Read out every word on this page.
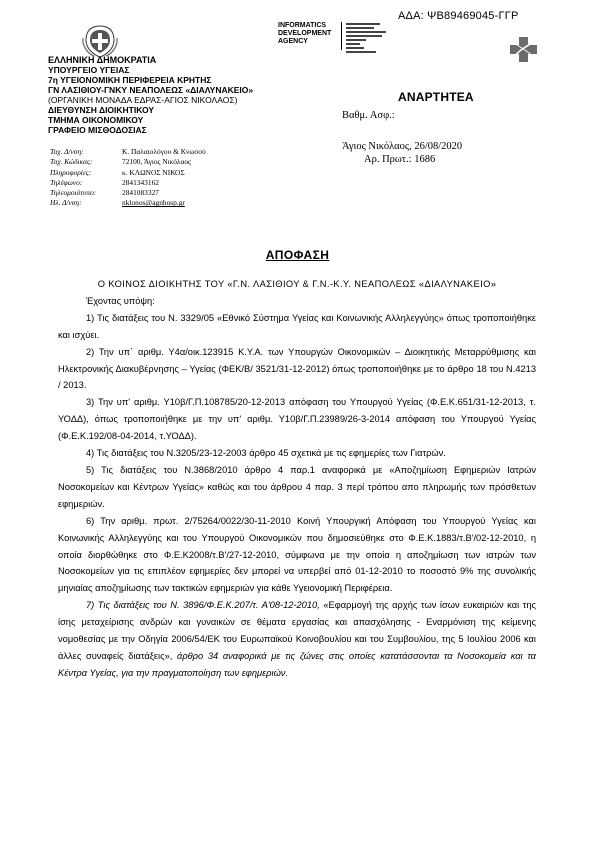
ΑΔΑ: ΨΒ89469045-ΓΓΡ
ΕΛΛΗΝΙΚΗ ΔΗΜΟΚΡΑΤΙΑ
ΥΠΟΥΡΓΕΙΟ ΥΓΕΙΑΣ
7η ΥΓΕΙΟΝΟΜΙΚΗ ΠΕΡΙΦΕΡΕΙΑ ΚΡΗΤΗΣ
ΓΝ ΛΑΣΙΘΙΟΥ-ΓΝΚΥ ΝΕΑΠΟΛΕΩΣ «ΔΙΑΛΥΝΑΚΕΙΟ»
(ΟΡΓΑΝΙΚΗ ΜΟΝΑΔΑ ΕΔΡΑΣ-ΑΓΙΟΣ ΝΙΚΟΛΑΟΣ)
ΔΙΕΥΘΥΝΣΗ ΔΙΟΙΚΗΤΙΚΟΥ
ΤΜΗΜΑ ΟΙΚΟΝΟΜΙΚΟΥ
ΓΡΑΦΕΙΟ ΜΙΣΘΟΔΟΣΙΑΣ
INFORMATICS
DEVELOPMENT
AGENCY
ΑΝΑΡΤΗΤΕΑ
Βαθμ. Ασφ.:
Άγιος Νικόλαος, 26/08/2020
Αρ. Πρωτ.: 1686
Ταχ. Δ/νση:	Κ. Παλαιολόγου & Κνωσού
Ταχ. Κώδικας:	72100, Άγιος Νικόλαος
Πληροφορίες:	κ. ΚΛΩΝΟΣ ΝΙΚΟΣ
Τηλέφωνο:	2841343162
Τηλεομοιότυπο:	2841083327
Ηλ. Δ/νση:	nklonos@agnhosp.gr
ΑΠΟΦΑΣΗ

Ο ΚΟΙΝΟΣ ΔΙΟΙΚΗΤΗΣ ΤΟΥ «Γ.Ν. ΛΑΣΙΘΙΟΥ & Γ.Ν.-Κ.Υ. ΝΕΑΠΟΛΕΩΣ «ΔΙΑΛΥΝΑΚΕΙΟ»

Έχοντας υπόψη:

1) Τις διατάξεις του Ν. 3329/05 «Εθνικό Σύστημα Υγείας και Κοινωνικής Αλληλεγγύης» όπως τροποποιήθηκε και ισχύει.

2) Την υπ΄ αριθμ. Υ4α/οικ.123915 Κ.Υ.Α. των Υπουργών Οικονομικών – Διοικητικής Μεταρρύθμισης και Ηλεκτρονικής Διακυβέρνησης – Υγείας (ΦΕΚ/Β/ 3521/31-12-2012) όπως τροποποιήθηκε με το άρθρο 18 του Ν.4213 / 2013.

3) Την υπ' αριθμ. Υ10β/Γ.Π.108785/20-12-2013 απόφαση του Υπουργού Υγείας (Φ.Ε.Κ.651/31-12-2013, τ. ΥΟΔΔ), όπως τροποποιήθηκε με την υπ' αριθμ. Υ10β/Γ.Π.23989/26-3-2014 απόφαση του Υπουργού Υγείας (Φ.Ε.Κ.192/08-04-2014, τ.ΥΟΔΔ).

4) Τις διατάξεις του Ν.3205/23-12-2003 άρθρο 45 σχετικά με τις εφημερίες των Γιατρών.

5) Τις διατάξεις του Ν.3868/2010 άρθρο 4 παρ.1 αναφορικά με «Αποζημίωση Εφημεριών Ιατρών Νοσοκομείων και Κέντρων Υγείας» καθώς και του άρθρου 4 παρ. 3 περί τρόπου απο πληρωμής των πρόσθετων εφημεριών.

6) Την αριθμ. πρωτ. 2/75264/0022/30-11-2010 Κοινή Υπουργική Απόφαση του Υπουργού Υγείας και Κοινωνικής Αλληλεγγύης και του Υπουργού Οικονομικών που δημοσιεύθηκε στο Φ.Ε.Κ.1883/τ.Β'/02-12-2010, η οποία διορθώθηκε στο Φ.Ε.Κ2008/τ.Β'/27-12-2010, σύμφωνα με την οποία η αποζημίωση των ιατρών των Νοσοκομείων για τις επιπλέον εφημερίες δεν μπορεί να υπερβεί από 01-12-2010 το ποσοστό 9% της συνολικής μηνιαίας αποζημίωσης των τακτικών εφημεριών για κάθε Υγειονομική Περιφέρεια.

7) Τις διατάξεις του Ν. 3896/Φ.Ε.Κ.207/τ. Α'08-12-2010, «Εφαρμογή της αρχής των ίσων ευκαιριών και της ίσης μεταχείρισης ανδρών και γυναικών σε θέματα εργασίας και απασχόλησης - Εναρμόνιση της κείμενης νομοθεσίας με την Οδηγία 2006/54/ΕΚ του Ευρωπαϊκού Κοινοβουλίου και του Συμβουλίου, της 5 Ιουλίου 2006 και άλλες συναφείς διατάξεις», άρθρο 34 αναφορικά με τις ζώνες στις οποίες κατατάσσονται τα Νοσοκομεία και τα Κέντρα Υγείας, για την πραγματοποίηση των εφημεριών.
